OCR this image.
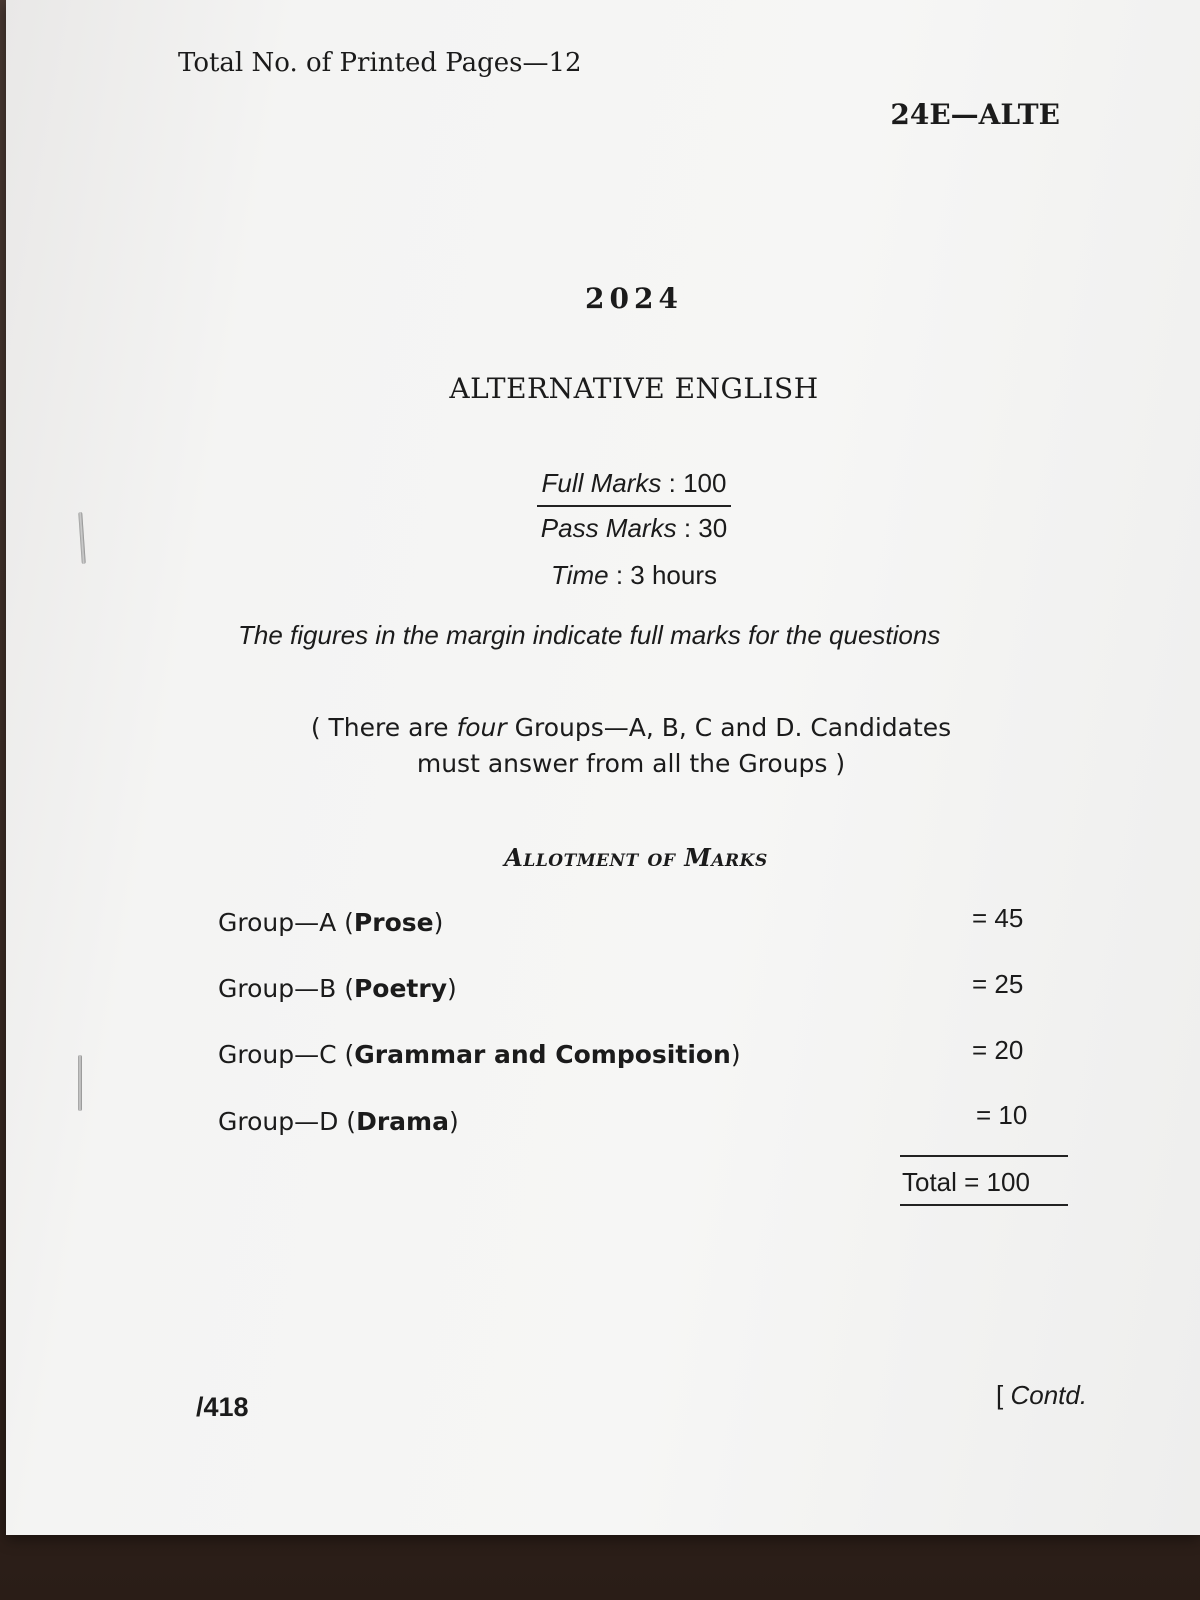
Total No. of Printed Pages—12
24E—ALTE
2024
ALTERNATIVE ENGLISH
Full Marks : 100
Pass Marks : 30
Time : 3 hours
The figures in the margin indicate full marks for the questions
( There are four Groups—A, B, C and D. Candidates
must answer from all the Groups )
Allotment of Marks
Group—A (Prose)	= 45
Group—B (Poetry)	= 25
Group—C (Grammar and Composition)	= 20
Group—D (Drama)	= 10
Total = 100
/418	[ Contd.
